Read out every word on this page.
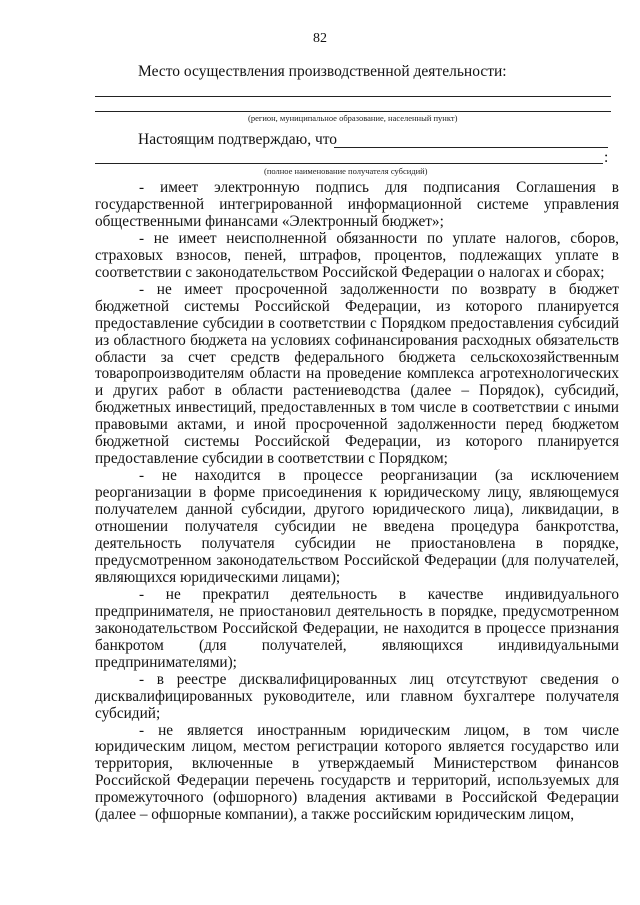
82
Место осуществления производственной деятельности:
(регион, муниципальное образование, населенный пункт)
Настоящим подтверждаю, что
:
(полное наименование получателя субсидий)

- имеет электронную подпись для подписания Соглашения в государственной интегрированной информационной системе управления общественными финансами «Электронный бюджет»;

- не имеет неисполненной обязанности по уплате налогов, сборов, страховых взносов, пеней, штрафов, процентов, подлежащих уплате в соответствии с законодательством Российской Федерации о налогах и сборах;

- не имеет просроченной задолженности по возврату в бюджет бюджетной системы Российской Федерации, из которого планируется предоставление субсидии в соответствии с Порядком предоставления субсидий из областного бюджета на условиях софинансирования расходных обязательств области за счет средств федерального бюджета сельскохозяйственным товаропроизводителям области на проведение комплекса агротехнологических и других работ в области растениеводства (далее – Порядок), субсидий, бюджетных инвестиций, предоставленных в том числе в соответствии с иными правовыми актами, и иной просроченной задолженности перед бюджетом бюджетной системы Российской Федерации, из которого планируется предоставление субсидии в соответствии с Порядком;

- не находится в процессе реорганизации (за исключением реорганизации в форме присоединения к юридическому лицу, являющемуся получателем данной субсидии, другого юридического лица), ликвидации, в отношении получателя субсидии не введена процедура банкротства, деятельность получателя субсидии не приостановлена в порядке, предусмотренном законодательством Российской Федерации (для получателей, являющихся юридическими лицами);

- не прекратил деятельность в качестве индивидуального предпринимателя, не приостановил деятельность в порядке, предусмотренном законодательством Российской Федерации, не находится в процессе признания банкротом (для получателей, являющихся индивидуальными предпринимателями);

- в реестре дисквалифицированных лиц отсутствуют сведения о дисквалифицированных руководителе, или главном бухгалтере получателя субсидий;

- не является иностранным юридическим лицом, в том числе юридическим лицом, местом регистрации которого является государство или территория, включенные в утверждаемый Министерством финансов Российской Федерации перечень государств и территорий, используемых для промежуточного (офшорного) владения активами в Российской Федерации (далее – офшорные компании), а также российским юридическим лицом,
